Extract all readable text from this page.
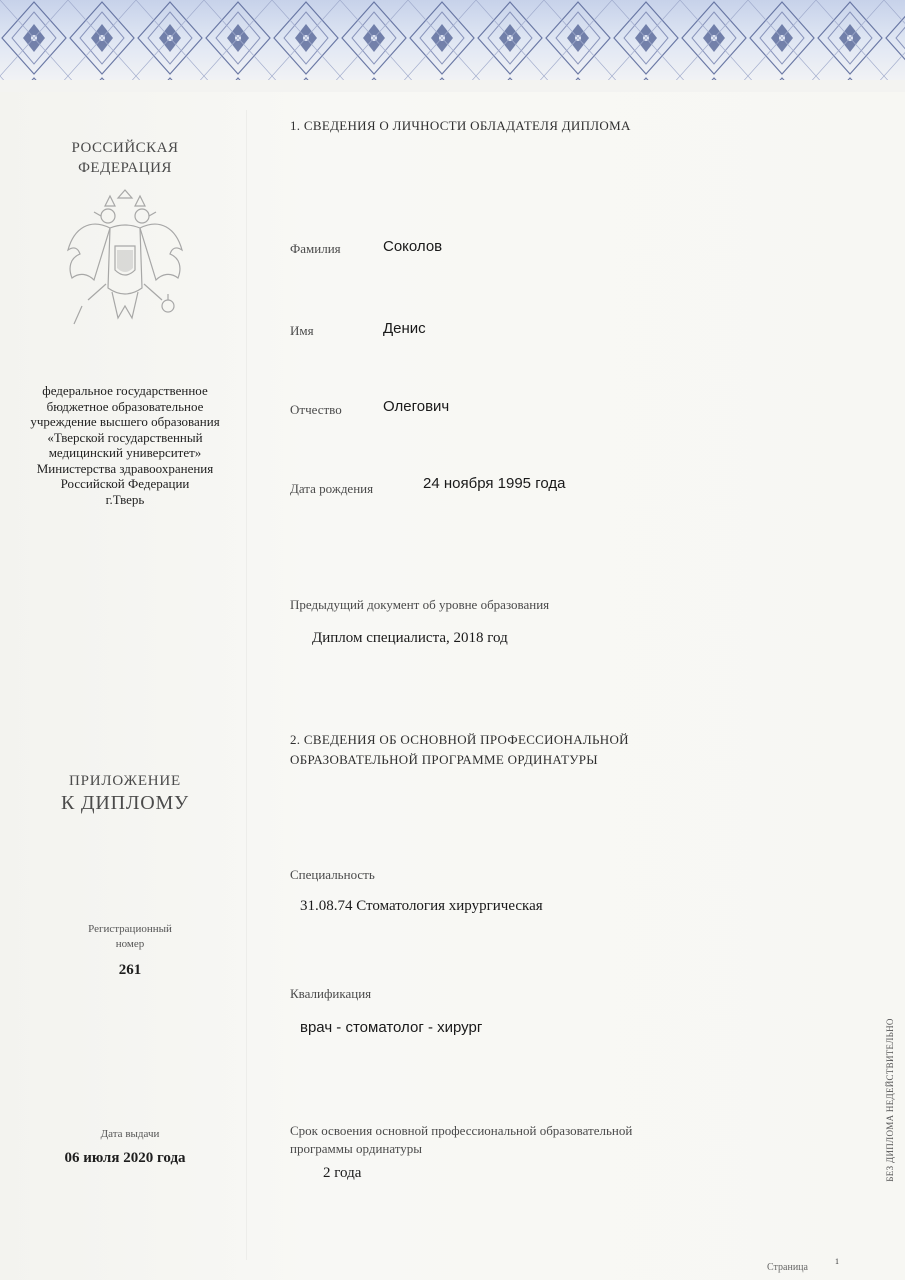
РОССИЙСКАЯ
ФЕДЕРАЦИЯ
федеральное государственное
бюджетное образовательное
учреждение высшего образования
«Тверской государственный
медицинский университет»
Министерства здравоохранения
Российской Федерации
г.Тверь
ПРИЛОЖЕНИЕ
К ДИПЛОМУ
Регистрационный
номер
261
Дата выдачи
06 июля 2020 года
1. СВЕДЕНИЯ О ЛИЧНОСТИ ОБЛАДАТЕЛЯ ДИПЛОМА
Фамилия	Соколов
Имя	Денис
Отчество	Олегович
Дата рождения	24 ноября 1995 года
Предыдущий документ об уровне образования
Диплом специалиста, 2018 год
2. СВЕДЕНИЯ ОБ ОСНОВНОЙ ПРОФЕССИОНАЛЬНОЙ
ОБРАЗОВАТЕЛЬНОЙ ПРОГРАММЕ ОРДИНАТУРЫ
Специальность
31.08.74 Стоматология хирургическая
Квалификация
врач - стоматолог - хирург
Срок освоения основной профессиональной образовательной
программы ординатуры
2 года	БЕЗ ДИПЛОМА НЕДЕЙСТВИТЕЛЬНО
Страница
1
